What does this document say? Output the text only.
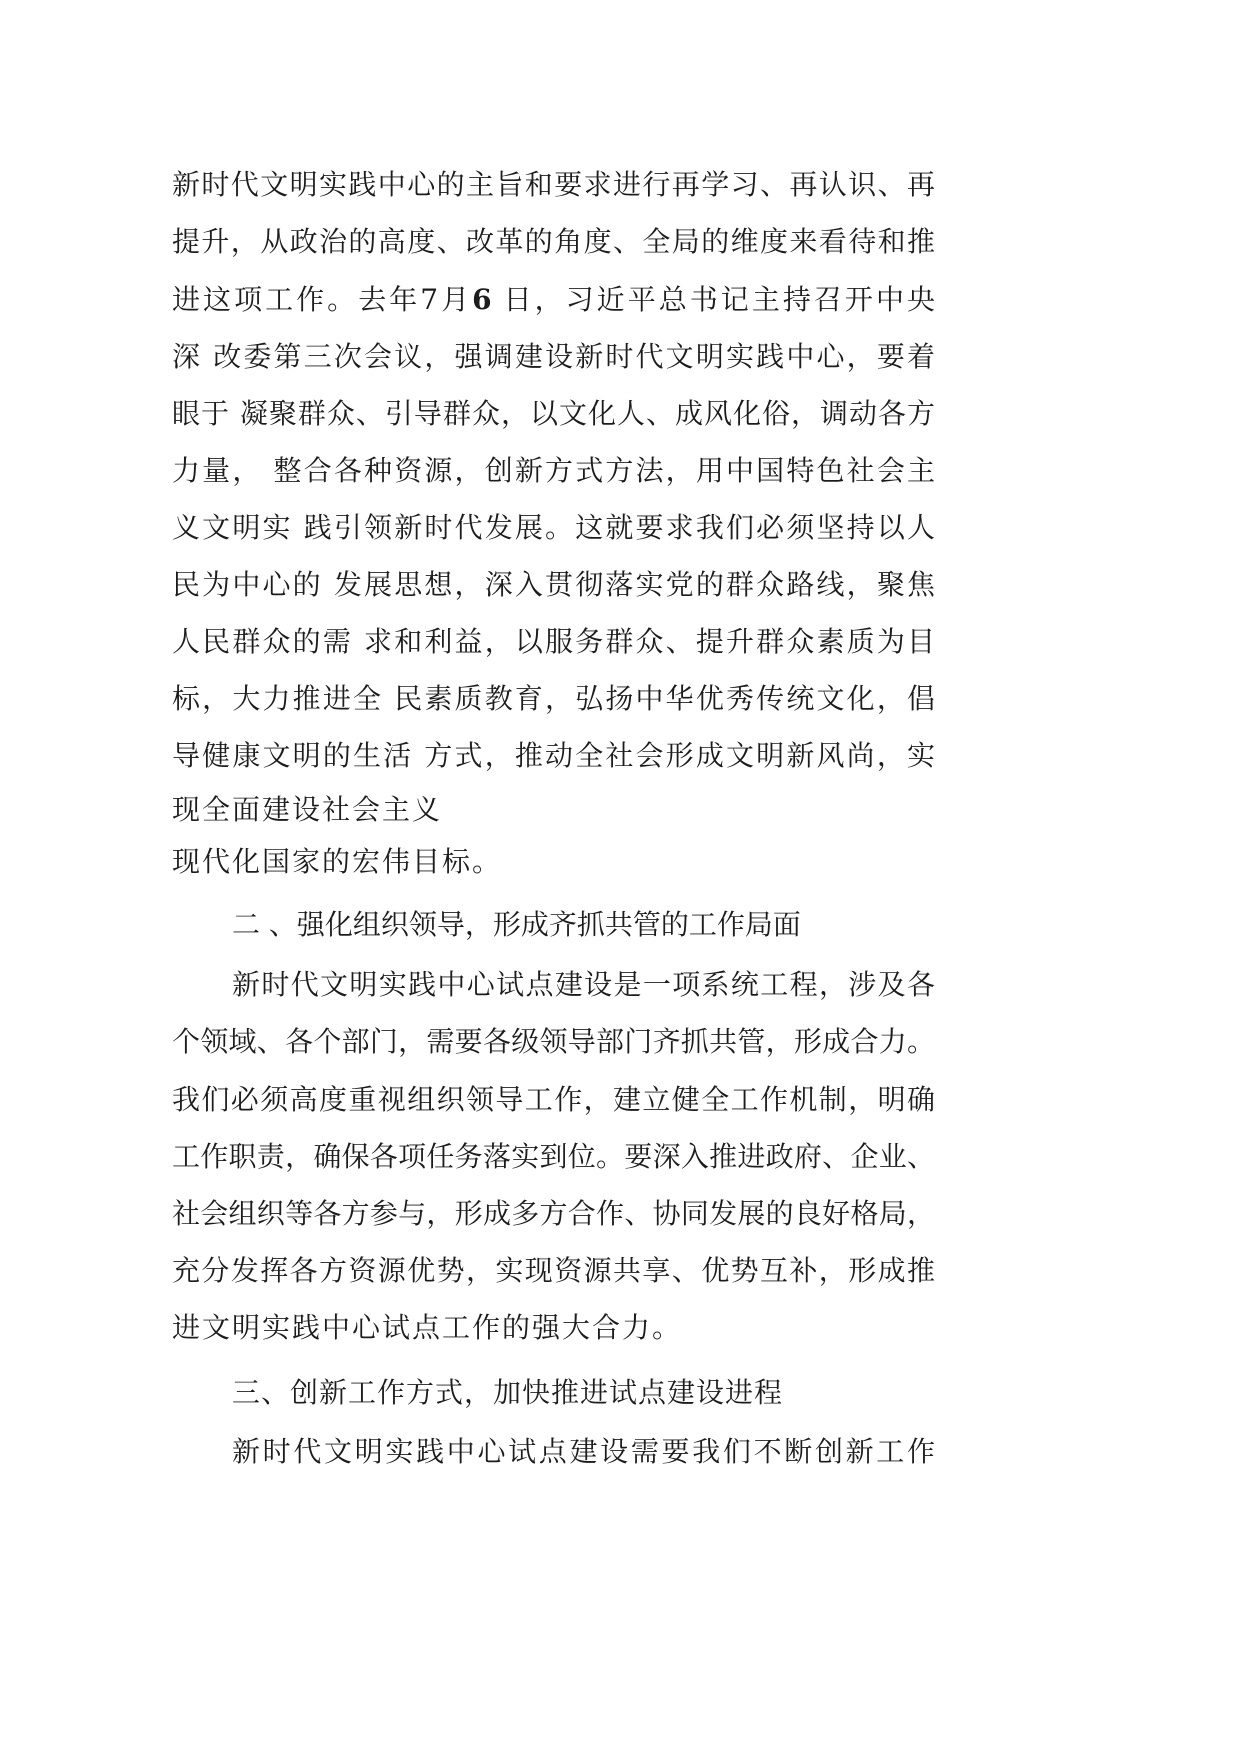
新时代文明实践中心的主旨和要求进行再学习、再认识、再
提升，从政治的高度、改革的角度、全局的维度来看待和推
进这项工作。去年7月6 日，习近平总书记主持召开中央
深 改委第三次会议，强调建设新时代文明实践中心，要着
眼于 凝聚群众、引导群众，以文化人、成风化俗，调动各方
力量， 整合各种资源，创新方式方法，用中国特色社会主
义文明实 践引领新时代发展。这就要求我们必须坚持以人
民为中心的 发展思想，深入贯彻落实党的群众路线，聚焦
人民群众的需 求和利益，以服务群众、提升群众素质为目
标，大力推进全 民素质教育，弘扬中华优秀传统文化，倡
导健康文明的生活 方式，推动全社会形成文明新风尚，实
现全面建设社会主义
现代化国家的宏伟目标。
二 、强化组织领导，形成齐抓共管的工作局面
新时代文明实践中心试点建设是一项系统工程，涉及各
个领域、各个部门，需要各级领导部门齐抓共管，形成合力。
我们必须高度重视组织领导工作，建立健全工作机制，明确
工作职责，确保各项任务落实到位。要深入推进政府、企业、
社会组织等各方参与，形成多方合作、协同发展的良好格局，
充分发挥各方资源优势，实现资源共享、优势互补，形成推
进文明实践中心试点工作的强大合力。
三、创新工作方式，加快推进试点建设进程
新时代文明实践中心试点建设需要我们不断创新工作
